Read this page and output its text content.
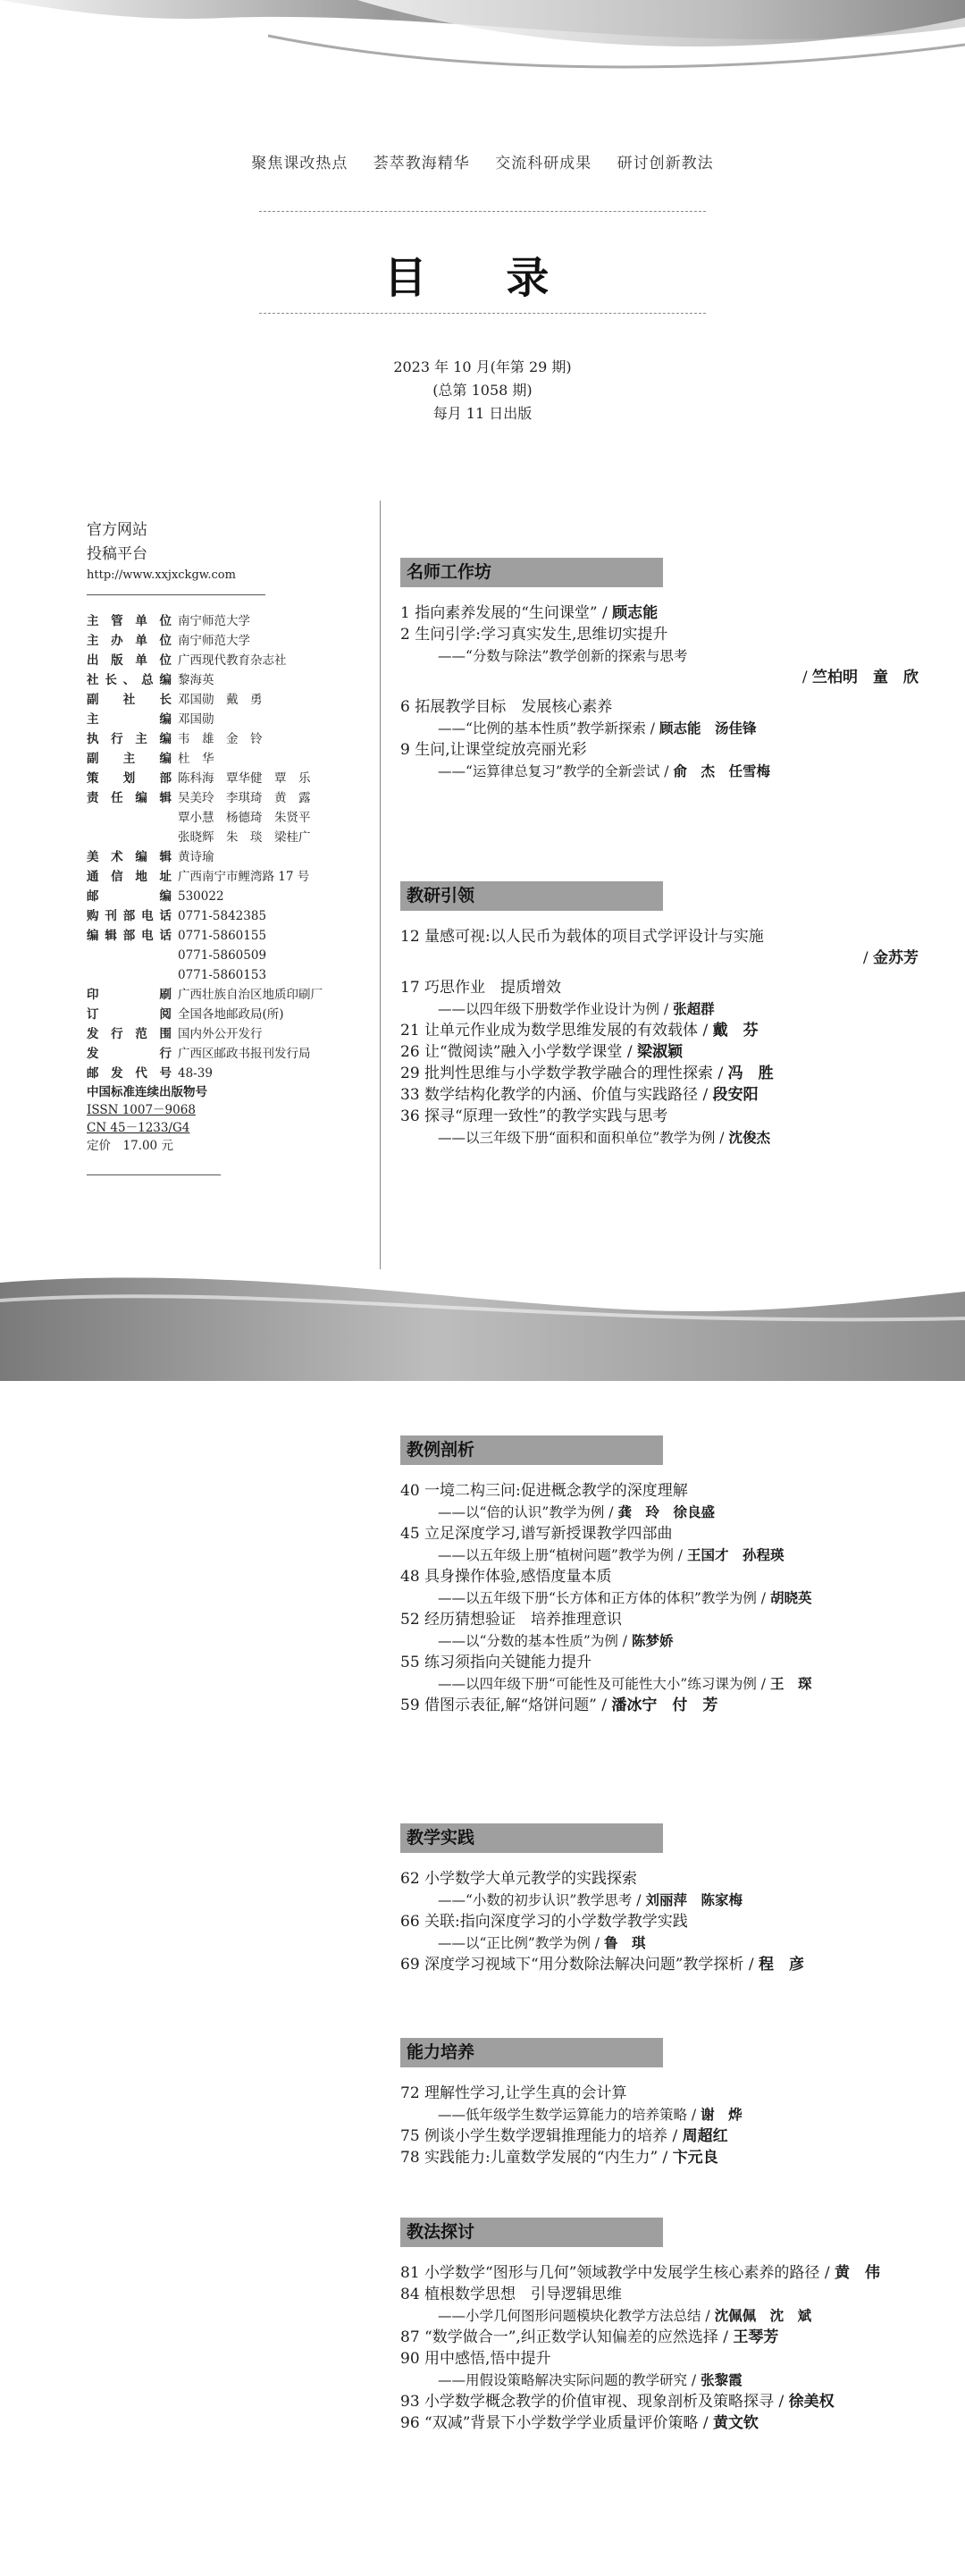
聚焦课改热点 荟萃教海精华 交流科研成果 研讨创新教法
目 录
2023 年 10 月(年第 29 期)
(总第 1058 期)
每月 11 日出版
官方网站
投稿平台
http://www.xxjxckgw.com
主管单位 南宁师范大学
主办单位 南宁师范大学
出版单位 广西现代教育杂志社
社长、总编 黎海英
副社长 邓国勋　戴　勇
主编 邓国勋
执行主编 韦　雄　金　铃
副主编 杜　华
策划部 陈科海　覃华健　覃　乐
责任编辑 吴美玲　李琪琦　黄　露
覃小慧　杨德琦　朱贤平
张晓辉　朱　琰　梁桂广
美术编辑 黄诗瑜
通信地址 广西南宁市鲤湾路 17 号
邮编 530022
购刊部电话 0771-5842385
编辑部电话 0771-5860155
0771-5860509
0771-5860153
印刷 广西壮族自治区地质印刷厂
订阅 全国各地邮政局(所)
发行范围 国内外公开发行
发行 广西区邮政书报刊发行局
邮发代号 48-39
中国标准连续出版物号
ISSN 1007－9068
CN 45－1233/G4
定价　17.00 元
名师工作坊
1 指向素养发展的“生问课堂” / 顾志能
2 生问引学:学习真实发生,思维切实提升
——“分数与除法”教学创新的探索与思考
/ 竺柏明　童　欣
6 拓展教学目标　发展核心素养
——“比例的基本性质”教学新探索 / 顾志能　汤佳锋
9 生问,让课堂绽放亮丽光彩
——“运算律总复习”教学的全新尝试 / 俞　杰　任雪梅
教研引领
12 量感可视:以人民币为载体的项目式学评设计与实施
/ 金苏芳
17 巧思作业　提质增效
——以四年级下册数学作业设计为例 / 张超群
21 让单元作业成为数学思维发展的有效载体 / 戴　芬
26 让“微阅读”融入小学数学课堂 / 梁淑颖
29 批判性思维与小学数学教学融合的理性探索 / 冯　胜
33 数学结构化教学的内涵、价值与实践路径 / 段安阳
36 探寻“原理一致性”的教学实践与思考
——以三年级下册“面积和面积单位”教学为例 / 沈俊杰
教例剖析
40 一境二构三问:促进概念教学的深度理解
——以“倍的认识”教学为例 / 龚　玲　徐良盛
45 立足深度学习,谱写新授课教学四部曲
——以五年级上册“植树问题”教学为例 / 王国才　孙程瑛
48 具身操作体验,感悟度量本质
——以五年级下册“长方体和正方体的体积”教学为例 / 胡晓英
52 经历猜想验证　培养推理意识
——以“分数的基本性质”为例 / 陈梦娇
55 练习须指向关键能力提升
——以四年级下册“可能性及可能性大小”练习课为例 / 王　琛
59 借图示表征,解“烙饼问题” / 潘冰宁　付　芳
教学实践
62 小学数学大单元教学的实践探索
——“小数的初步认识”教学思考 / 刘丽萍　陈家梅
66 关联:指向深度学习的小学数学教学实践
——以“正比例”教学为例 / 鲁　琪
69 深度学习视域下“用分数除法解决问题”教学探析 / 程　彦
能力培养
72 理解性学习,让学生真的会计算
——低年级学生数学运算能力的培养策略 / 谢　烨
75 例谈小学生数学逻辑推理能力的培养 / 周超红
78 实践能力:儿童数学发展的“内生力” / 卞元良
教法探讨
81 小学数学“图形与几何”领域教学中发展学生核心素养的路径 / 黄　伟
84 植根数学思想　引导逻辑思维
——小学几何图形问题模块化教学方法总结 / 沈佩佩　沈　斌
87 “数学做合一”,纠正数学认知偏差的应然选择 / 王琴芳
90 用中感悟,悟中提升
——用假设策略解决实际问题的教学研究 / 张黎霞
93 小学数学概念教学的价值审视、现象剖析及策略探寻 / 徐美权
96 “双减”背景下小学数学学业质量评价策略 / 黄文钦
